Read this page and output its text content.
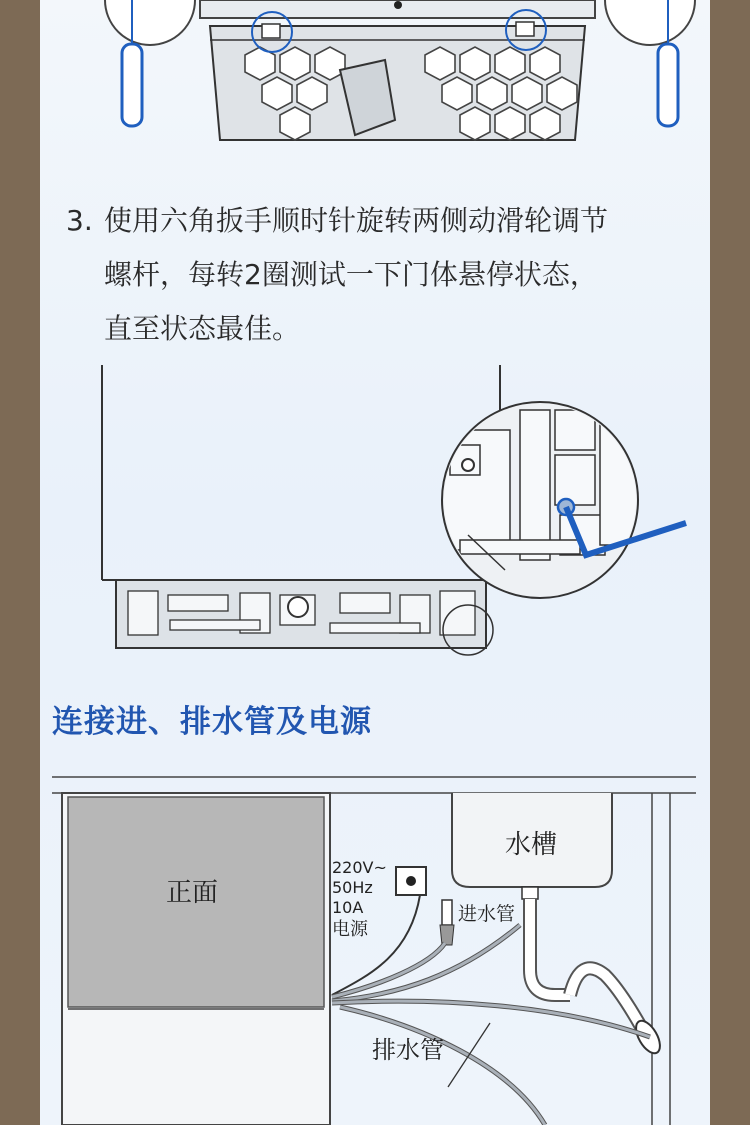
3. 使用六角扳手顺时针旋转两侧动滑轮调节
螺杆，每转2圈测试一下门体悬停状态，
直至状态最佳。
连接进、排水管及电源
正面
水槽
进水管
排水管
220V~
50Hz
10A
电源
